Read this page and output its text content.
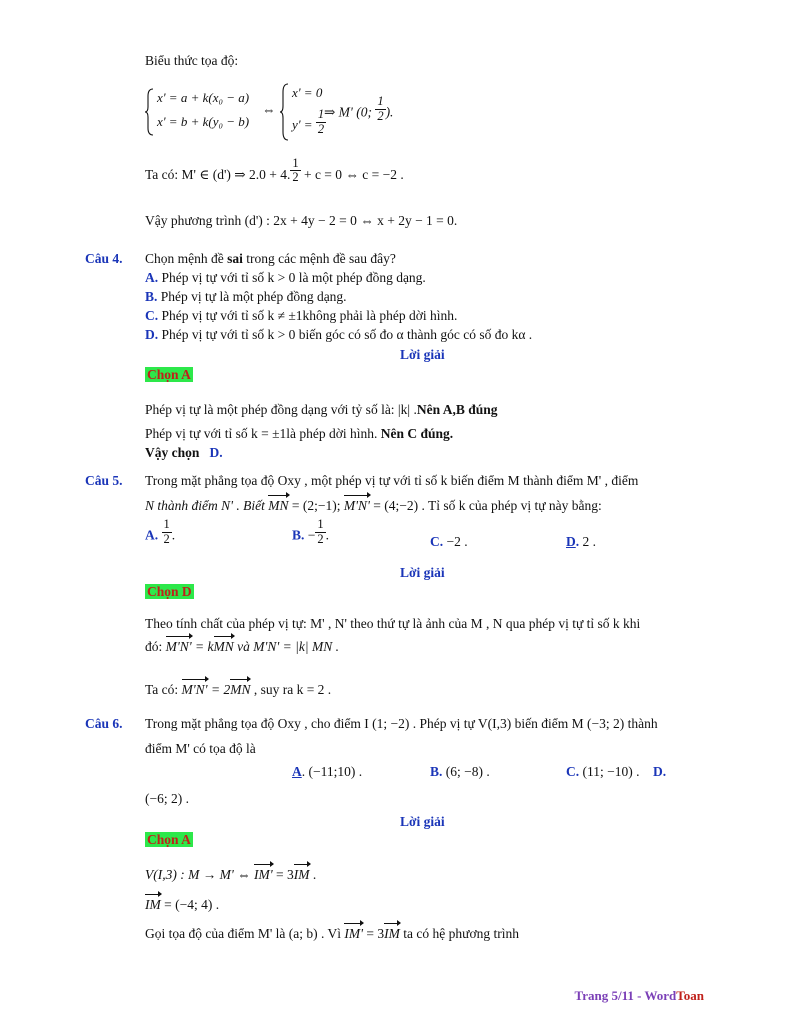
Biểu thức tọa độ:
x' = a + k(x₀ − a)
x' = b + k(y₀ − b)
⇔
x' = 0
$y' = \frac{1}{2}$
⇒ M' (0; $\frac{1}{2}$ ).
Ta có: M' ∈ (d') ⇒ 2.0 + 4. $\frac{1}{2} + c = 0$ ⇔ c = −2 .
Vậy phương trình (d') : 2x + 4y − 2 = 0 ⇔ x + 2y − 1 = 0.
Câu 4. Chọn mệnh đề sai trong các mệnh đề sau đây?
A. Phép vị tự với tỉ số k > 0 là một phép đồng dạng.
B. Phép vị tự là một phép đồng dạng.
C. Phép vị tự với tỉ số k ≠ ±1không phải là phép dời hình.
D. Phép vị tự với tỉ số k > 0 biến góc có số đo α thành góc có số đo kα .
Lời giải
Chọn A
Phép vị tự là một phép đồng dạng với tỷ số là: |k| .Nên A,B đúng
Phép vị tự với tỉ số k = ±1là phép dời hình. Nên C đúng.
Vậy chọn D.
Câu 5. Trong mặt phẳng tọa độ Oxy , một phép vị tự với tỉ số k biến điểm M thành điểm M' , điểm
N thành điểm N' . Biết MN = (2;−1); M'N' = (4;−2) . Tỉ số k của phép vị tự này bằng:
A. $\frac{1}{2}$ .	B. − $\frac{1}{2}$ .	C. −2 .	D. 2 .
Lời giải
Chọn D
Theo tính chất của phép vị tự: M' , N' theo thứ tự là ảnh của M , N qua phép vị tự tỉ số k khi
đó: M'N' = kMN và M'N' = |k| MN .
Ta có: M'N' = 2MN , suy ra k = 2 .
Câu 6. Trong mặt phẳng tọa độ Oxy , cho điểm I (1; −2) . Phép vị tự V(I,3) biến điểm M (−3; 2) thành
điểm M' có tọa độ là
A. (−11;10) .	B. (6; −8) .	C. (11; −10) . D.
(−6; 2) .
Lời giải
Chọn A
V(I,3) : M → M' ⇔ IM' = 3IM .
IM = (−4; 4) .
Gọi tọa độ của điểm M' là (a; b) . Vì IM' = 3IM ta có hệ phương trình
Trang 5/11 - WordToan
